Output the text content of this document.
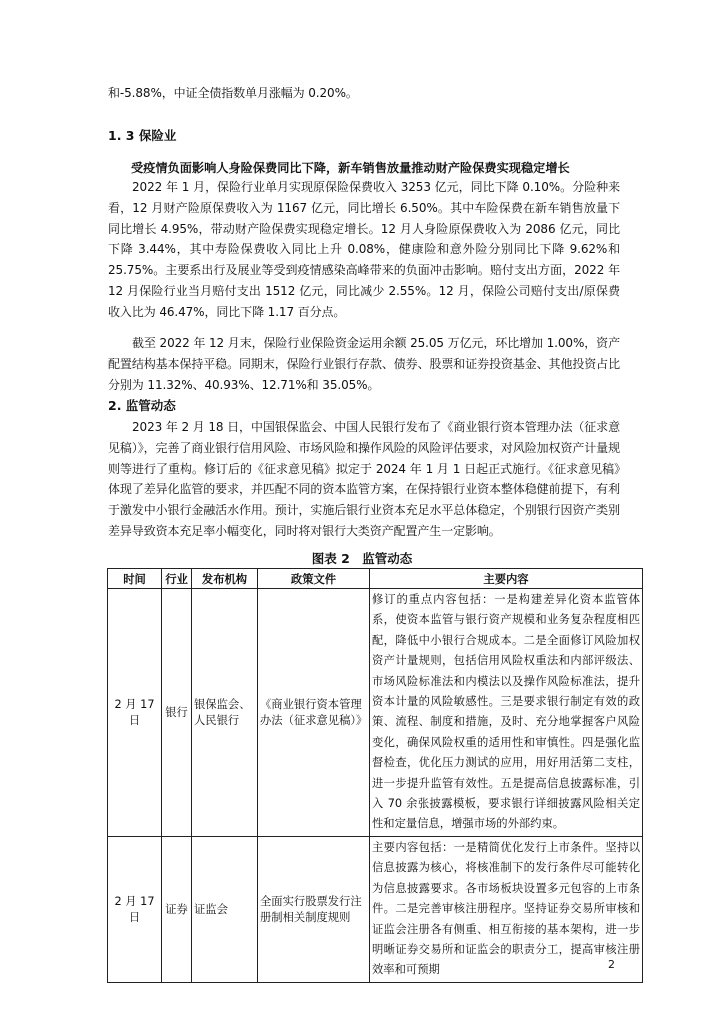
和-5.88%，中证全债指数单月涨幅为 0.20%。

1. 3 保险业

受疫情负面影响人身险保费同比下降，新车销售放量推动财产险保费实现稳定增长

2022 年 1 月，保险行业单月实现原保险保费收入 3253 亿元，同比下降 0.10%。分险种来看，12 月财产险原保费收入为 1167 亿元，同比增长 6.50%。其中车险保费在新车销售放量下同比增长 4.95%，带动财产险保费实现稳定增长。12 月人身险原保费收入为 2086 亿元，同比下降 3.44%，其中寿险保费收入同比上升 0.08%，健康险和意外险分别同比下降 9.62%和 25.75%。主要系出行及展业等受到疫情感染高峰带来的负面冲击影响。赔付支出方面，2022 年 12 月保险行业当月赔付支出 1512 亿元，同比减少 2.55%。12 月，保险公司赔付支出/原保费收入比为 46.47%，同比下降 1.17 百分点。

截至 2022 年 12 月末，保险行业保险资金运用余额 25.05 万亿元，环比增加 1.00%，资产配置结构基本保持平稳。同期末，保险行业银行存款、债券、股票和证券投资基金、其他投资占比分别为 11.32%、40.93%、12.71%和 35.05%。

2. 监管动态

2023 年 2 月 18 日，中国银保监会、中国人民银行发布了《商业银行资本管理办法（征求意见稿）》，完善了商业银行信用风险、市场风险和操作风险的风险评估要求，对风险加权资产计量规则等进行了重构。修订后的《征求意见稿》拟定于 2024 年 1 月 1 日起正式施行。《征求意见稿》体现了差异化监管的要求，并匹配不同的资本监管方案，在保持银行业资本整体稳健前提下，有利于激发中小银行金融活水作用。预计，实施后银行业资本充足水平总体稳定，个别银行因资产类别差异导致资本充足率小幅变化，同时将对银行大类资产配置产生一定影响。

图表 2　监管动态
时间	行业	发布机构	政策文件	主要内容
2 月 17 日	银行	银保监会、人民银行	《商业银行资本管理办法（征求意见稿）》	修订的重点内容包括：一是构建差异化资本监管体系，使资本监管与银行资产规模和业务复杂程度相匹配，降低中小银行合规成本。二是全面修订风险加权资产计量规则，包括信用风险权重法和内部评级法、市场风险标准法和内模法以及操作风险标准法，提升资本计量的风险敏感性。三是要求银行制定有效的政策、流程、制度和措施，及时、充分地掌握客户风险变化，确保风险权重的适用性和审慎性。四是强化监督检查，优化压力测试的应用，用好用活第二支柱，进一步提升监管有效性。五是提高信息披露标准，引入 70 余张披露模板，要求银行详细披露风险相关定性和定量信息，增强市场的外部约束。
2 月 17 日	证券	证监会	全面实行股票发行注册制相关制度规则	主要内容包括：一是精简优化发行上市条件。坚持以信息披露为核心，将核准制下的发行条件尽可能转化为信息披露要求。各市场板块设置多元包容的上市条件。二是完善审核注册程序。坚持证券交易所审核和证监会注册各有侧重、相互衔接的基本架构，进一步明晰证券交易所和证监会的职责分工，提高审核注册效率和可预期	2
